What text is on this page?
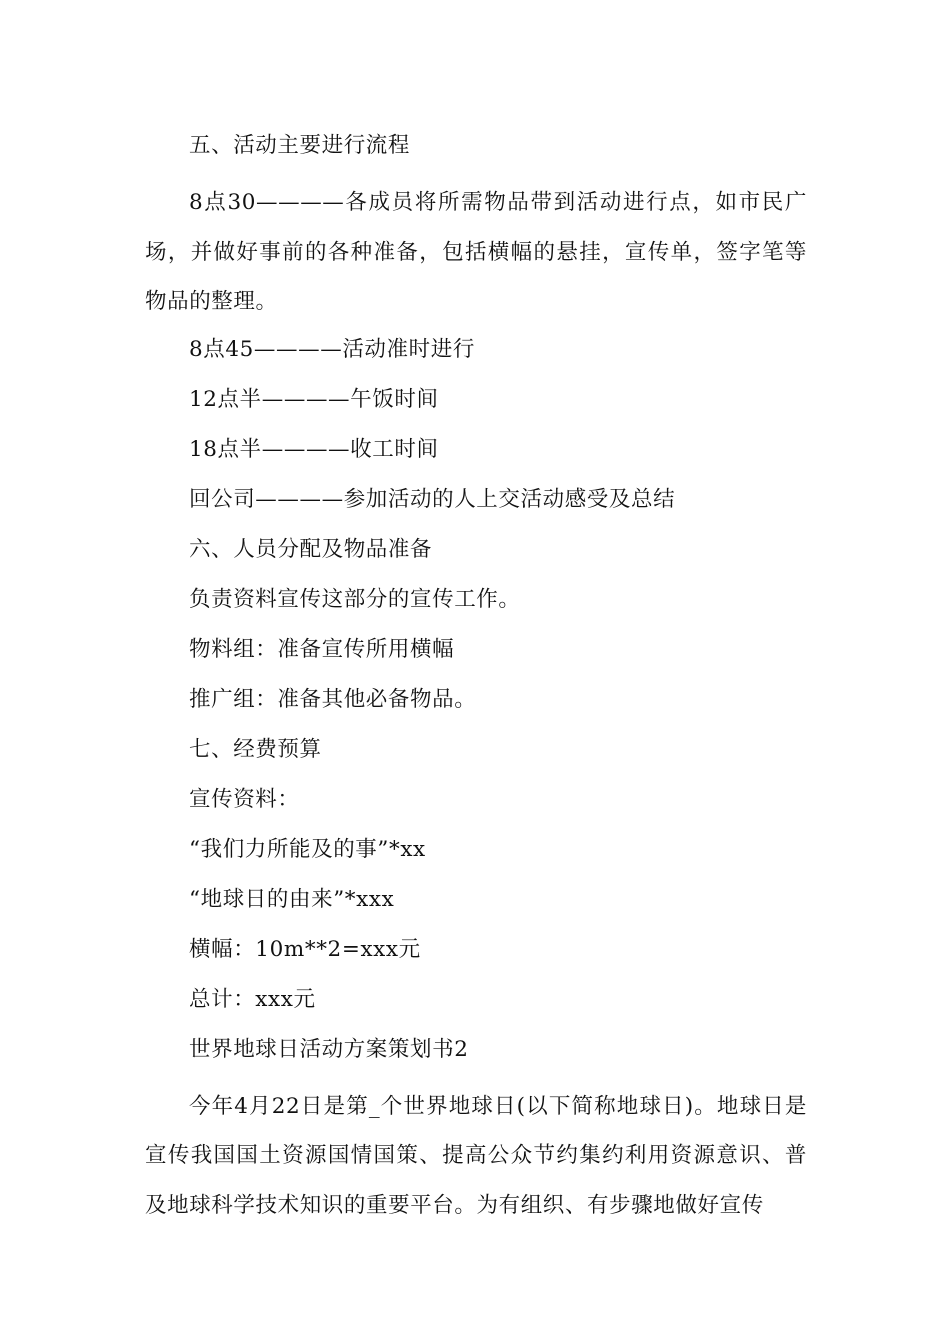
五、活动主要进行流程

8点30————各成员将所需物品带到活动进行点，如市民广场，并做好事前的各种准备，包括横幅的悬挂，宣传单，签字笔等物品的整理。

8点45————活动准时进行

12点半————午饭时间

18点半————收工时间

回公司————参加活动的人上交活动感受及总结

六、人员分配及物品准备

负责资料宣传这部分的宣传工作。

物料组：准备宣传所用横幅

推广组：准备其他必备物品。

七、经费预算

宣传资料：

“我们力所能及的事”*xx

“地球日的由来”*xxx

横幅：10m**2=xxx元

总计：xxx元

世界地球日活动方案策划书2

今年4月22日是第_个世界地球日(以下简称地球日)。地球日是宣传我国国土资源国情国策、提高公众节约集约利用资源意识、普及地球科学技术知识的重要平台。为有组织、有步骤地做好宣传
